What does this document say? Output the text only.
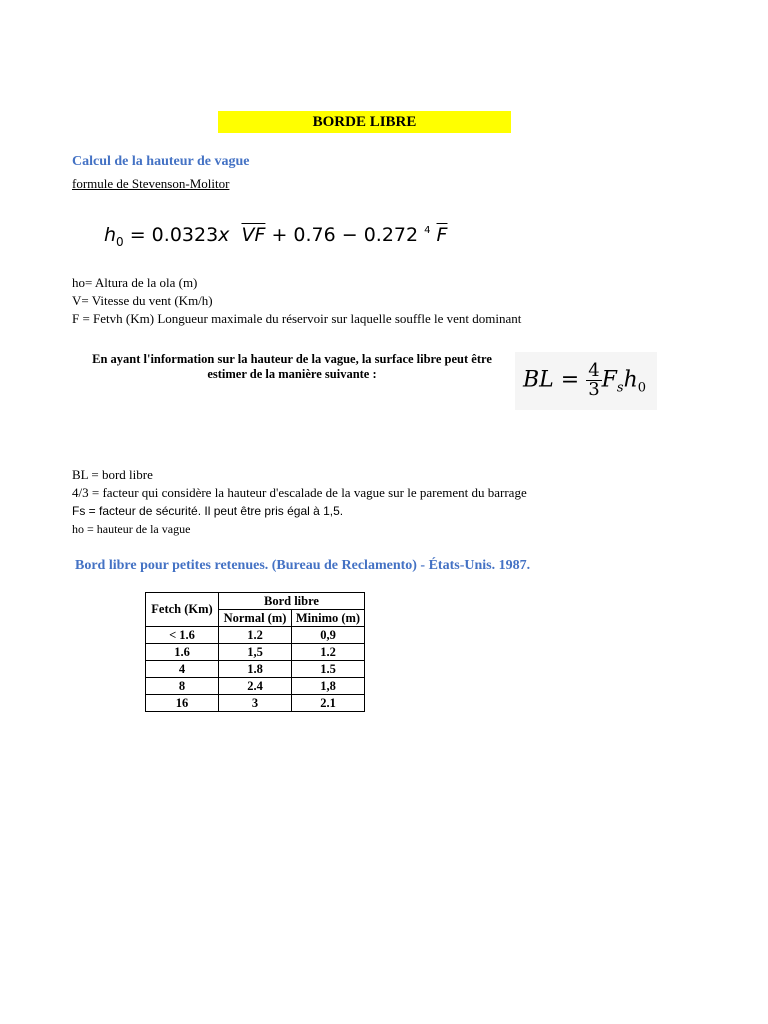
BORDE LIBRE
Calcul de la hauteur de vague
formule de Stevenson-Molitor
$h_0 = 0.0323x$ $\overline{VF} + 0.76 - 0.272$ $^4$ $\overline{F}$
ho= Altura de la ola (m)
V= Vitesse du vent (Km/h)
F = Fetvh (Km) Longueur maximale du réservoir sur laquelle souffle le vent dominant
En ayant l'information sur la hauteur de la vague, la surface libre peut être
estimer de la manière suivante :	BL = $\frac{4}{3} F_sh_0$
BL = bord libre
4/3 = facteur qui considère la hauteur d'escalade de la vague sur le parement du barrage
Fs = facteur de sécurité. Il peut être pris égal à 1,5.
ho = hauteur de la vague
Bord libre pour petites retenues. (Bureau de Reclamento) - États-Unis. 1987.
Fetch (Km)	Bord libre	
	Normal (m)	Minimo (m)
< 1.6	1.2	0,9
1.6	1,5	1.2
4	1.8	1.5
8	2.4	1,8
16	3	2.1
